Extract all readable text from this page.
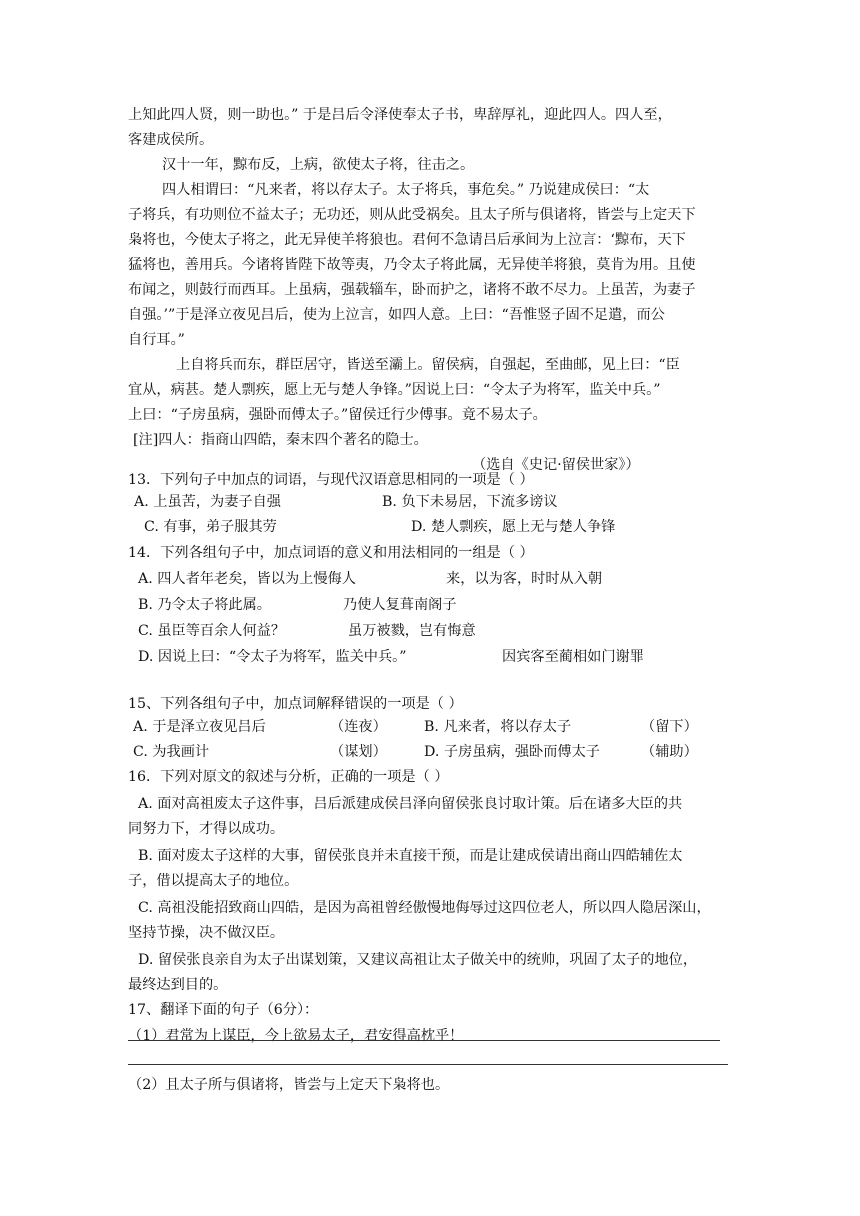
上知此四人贤，则一助也。” 于是吕后令泽使奉太子书，卑辞厚礼，迎此四人。四人至，
客建成侯所。
汉十一年，黥布反，上病，欲使太子将，往击之。
四人相谓曰：“凡来者，将以存太子。太子将兵，事危矣。” 乃说建成侯曰：“太
子将兵，有功则位不益太子；无功还，则从此受祸矣。且太子所与俱诸将，皆尝与上定天下
枭将也，今使太子将之，此无异使羊将狼也。君何不急请吕后承间为上泣言：‘黥布，天下
猛将也，善用兵。今诸将皆陛下故等夷，乃令太子将此属，无异使羊将狼，莫肯为用。且使
布闻之，则鼓行而西耳。上虽病，强载辎车，卧而护之，诸将不敢不尽力。上虽苦，为妻子
自强。’”于是泽立夜见吕后，使为上泣言，如四人意。上曰：“吾惟竖子固不足遣，而公
自行耳。”
上自将兵而东，群臣居守，皆送至灞上。留侯病，自强起，至曲邮，见上曰：“臣
宜从，病甚。楚人剽疾，愿上无与楚人争锋。”因说上曰：“令太子为将军，监关中兵。”
上曰：“子房虽病，强卧而傅太子。”留侯迁行少傅事。竟不易太子。
[注]四人：指商山四皓，秦末四个著名的隐士。
（选自《史记·留侯世家》）
13．下列句子中加点的词语，与现代汉语意思相同的一项是（ ）
A. 上虽苦，为妻子自强	B. 负下未易居，下流多谤议
C. 有事，弟子服其劳	D. 楚人剽疾，愿上无与楚人争锋
14．下列各组句子中，加点词语的意义和用法相同的一组是（ ）
A. 四人者年老矣，皆以为上慢侮人	来，以为客，时时从入朝
B. 乃令太子将此属。	乃使人复葺南阁子
C. 虽臣等百余人何益？	虽万被戮，岂有悔意
D. 因说上曰：“令太子为将军，监关中兵。”	因宾客至蔺相如门谢罪
15、下列各组句子中，加点词解释错误的一项是（ ）
A. 于是泽立夜见吕后	（连夜）	B. 凡来者，将以存太子	（留下）
C. 为我画计	（谋划）	D. 子房虽病，强卧而傅太子	（辅助）
16．下列对原文的叙述与分析，正确的一项是（ ）
A. 面对高祖废太子这件事，吕后派建成侯吕泽向留侯张良讨取计策。后在诸多大臣的共
同努力下，才得以成功。
B. 面对废太子这样的大事，留侯张良并未直接干预，而是让建成侯请出商山四皓辅佐太
子，借以提高太子的地位。
C. 高祖没能招致商山四皓，是因为高祖曾经傲慢地侮辱过这四位老人，所以四人隐居深山，
坚持节操，决不做汉臣。
D. 留侯张良亲自为太子出谋划策，又建议高祖让太子做关中的统帅，巩固了太子的地位，
最终达到目的。
17、翻译下面的句子（6分）：
（1）君常为上谋臣，今上欲易太子，君安得高枕乎！
（2）且太子所与俱诸将，皆尝与上定天下枭将也。
